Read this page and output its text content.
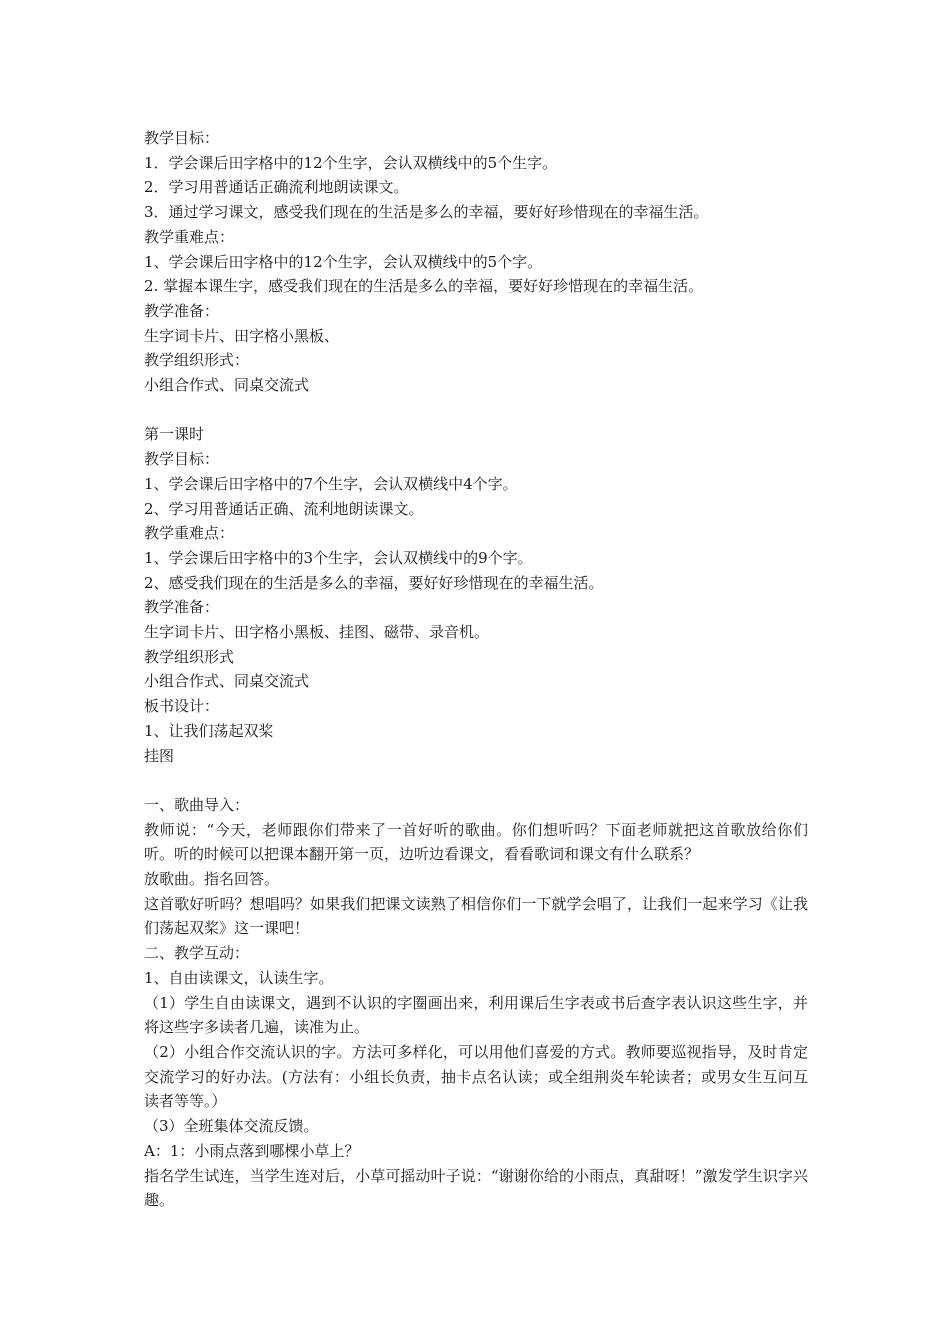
教学目标：

1．学会课后田字格中的12个生字，会认双横线中的5个生字。

2．学习用普通话正确流利地朗读课文。

3．通过学习课文，感受我们现在的生活是多么的幸福，要好好珍惜现在的幸福生活。

教学重难点：

1、学会课后田字格中的12个生字，会认双横线中的5个字。

2. 掌握本课生字，感受我们现在的生活是多么的幸福，要好好珍惜现在的幸福生活。

教学准备：

生字词卡片、田字格小黑板、

教学组织形式：

小组合作式、同桌交流式

第一课时

教学目标：

1、学会课后田字格中的7个生字，会认双横线中4个字。

2、学习用普通话正确、流利地朗读课文。

教学重难点：

1、学会课后田字格中的3个生字，会认双横线中的9个字。

2、感受我们现在的生活是多么的幸福，要好好珍惜现在的幸福生活。

教学准备：

生字词卡片、田字格小黑板、挂图、磁带、录音机。

教学组织形式

小组合作式、同桌交流式

板书设计：

1、让我们荡起双桨

挂图

一、歌曲导入：

教师说：“今天，老师跟你们带来了一首好听的歌曲。你们想听吗？下面老师就把这首歌放给你们听。听的时候可以把课本翻开第一页，边听边看课文，看看歌词和课文有什么联系？

放歌曲。指名回答。

这首歌好听吗？想唱吗？如果我们把课文读熟了相信你们一下就学会唱了，让我们一起来学习《让我们荡起双桨》这一课吧！

二、教学互动：

1、自由读课文，认读生字。

（1）学生自由读课文，遇到不认识的字圈画出来，利用课后生字表或书后查字表认识这些生字，并将这些字多读者几遍，读准为止。

（2）小组合作交流认识的字。方法可多样化，可以用他们喜爱的方式。教师要巡视指导，及时肯定交流学习的好办法。(方法有：小组长负责，抽卡点名认读；或全组荆炎车轮读者；或男女生互问互读者等等。）

（3）全班集体交流反馈。

A：1：小雨点落到哪棵小草上？

指名学生试连，当学生连对后，小草可摇动叶子说：“谢谢你给的小雨点，真甜呀！”激发学生识字兴趣。
